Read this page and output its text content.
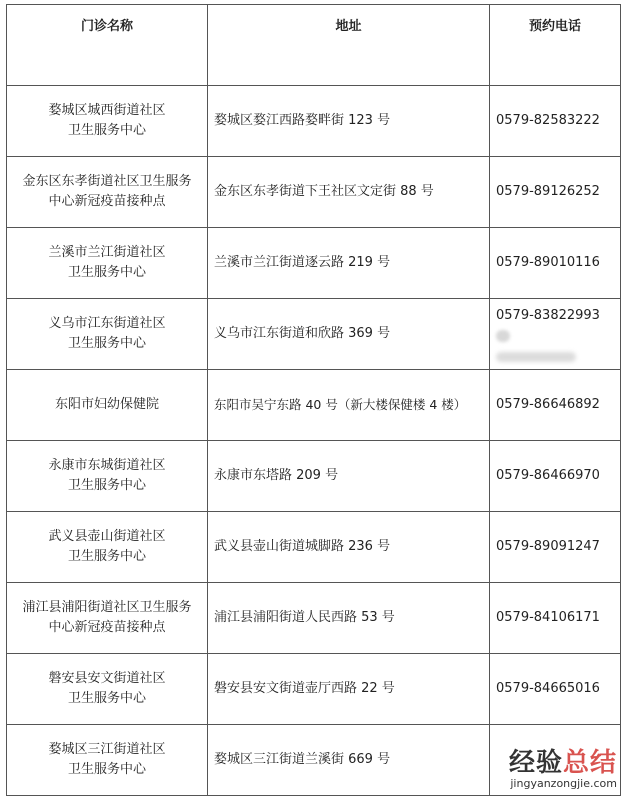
门诊名称	地址	预约电话
婺城区城西街道社区
卫生服务中心	婺城区婺江西路婺畔街 123 号	0579-82583222
金东区东孝街道社区卫生服务
中心新冠疫苗接种点	金东区东孝街道下王社区文定街 88 号	0579-89126252
兰溪市兰江街道社区
卫生服务中心	兰溪市兰江街道逐云路 219 号	0579-89010116
义乌市江东街道社区
卫生服务中心	义乌市江东街道和欣路 369 号	0579-83822993

东阳市妇幼保健院	东阳市吴宁东路 40 号（新大楼保健楼 4 楼）	0579-86646892
永康市东城街道社区
卫生服务中心	永康市东塔路 209 号	0579-86466970
武义县壶山街道社区
卫生服务中心	武义县壶山街道城脚路 236 号	0579-89091247
浦江县浦阳街道社区卫生服务
中心新冠疫苗接种点	浦江县浦阳街道人民西路 53 号	0579-84106171
磐安县安文街道社区
卫生服务中心	磐安县安文街道壶厅西路 22 号	0579-84665016
婺城区三江街道社区
卫生服务中心	婺城区三江街道兰溪街 669 号		经验总结
jingyanzongjie.com
